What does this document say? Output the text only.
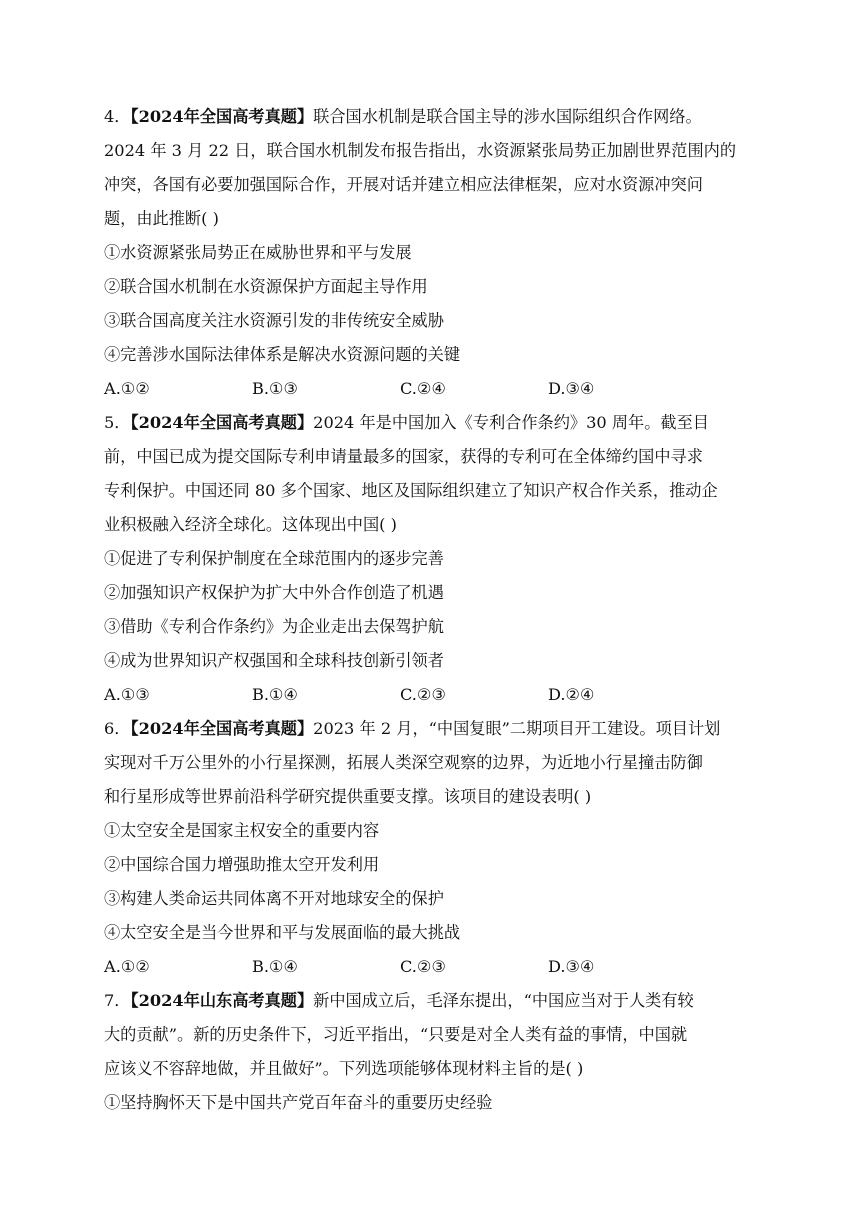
4．【2024年全国高考真题】联合国水机制是联合国主导的涉水国际组织合作网络。

2024 年 3 月 22 日，联合国水机制发布报告指出，水资源紧张局势正加剧世界范围内的

冲突，各国有必要加强国际合作，开展对话并建立相应法律框架，应对水资源冲突问

题，由此推断( )

①水资源紧张局势正在威胁世界和平与发展

②联合国水机制在水资源保护方面起主导作用

③联合国高度关注水资源引发的非传统安全威胁

④完善涉水国际法律体系是解决水资源问题的关键

A.①②	B.①③	C.②④	D.③④

5．【2024年全国高考真题】2024 年是中国加入《专利合作条约》30 周年。截至目

前，中国已成为提交国际专利申请量最多的国家，获得的专利可在全体缔约国中寻求

专利保护。中国还同 80 多个国家、地区及国际组织建立了知识产权合作关系，推动企

业积极融入经济全球化。这体现出中国( )

①促进了专利保护制度在全球范围内的逐步完善

②加强知识产权保护为扩大中外合作创造了机遇

③借助《专利合作条约》为企业走出去保驾护航

④成为世界知识产权强国和全球科技创新引领者

A.①③	B.①④	C.②③	D.②④

6．【2024年全国高考真题】2023 年 2 月，“中国复眼”二期项目开工建设。项目计划

实现对千万公里外的小行星探测，拓展人类深空观察的边界，为近地小行星撞击防御

和行星形成等世界前沿科学研究提供重要支撑。该项目的建设表明( )

①太空安全是国家主权安全的重要内容

②中国综合国力增强助推太空开发利用

③构建人类命运共同体离不开对地球安全的保护

④太空安全是当今世界和平与发展面临的最大挑战

A.①②	B.①④	C.②③	D.③④

7．【2024年山东高考真题】新中国成立后，毛泽东提出，“中国应当对于人类有较

大的贡献”。新的历史条件下，习近平指出，“只要是对全人类有益的事情，中国就

应该义不容辞地做，并且做好”。下列选项能够体现材料主旨的是( )

①坚持胸怀天下是中国共产党百年奋斗的重要历史经验
